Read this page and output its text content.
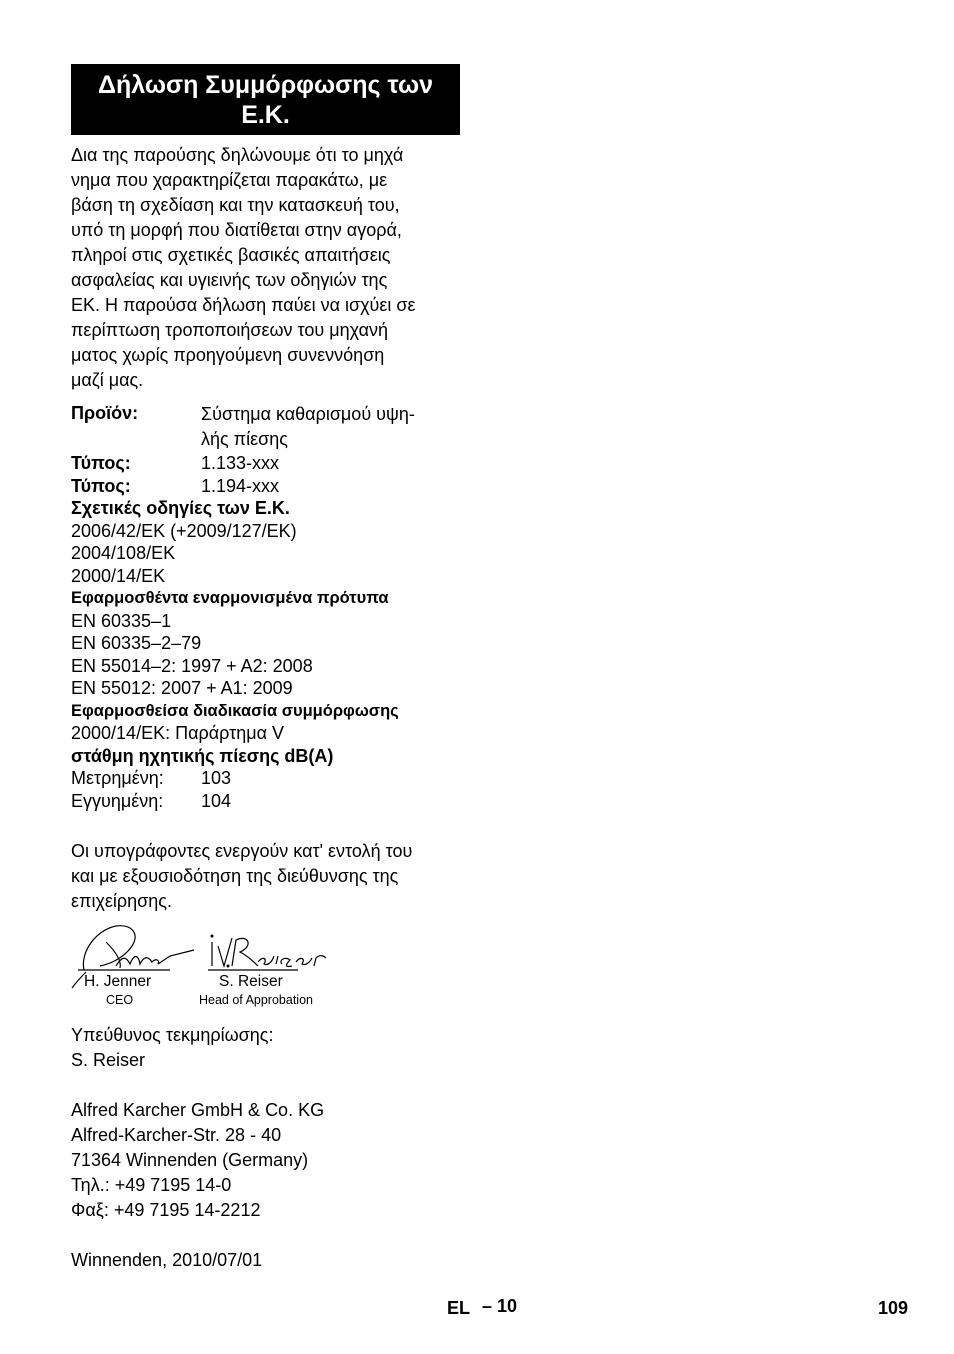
Δήλωση Συμμόρφωσης των
Ε.Κ.
Δια της παρούσης δηλώνουμε ότι το μηχά
νημα που χαρακτηρίζεται παρακάτω, με
βάση τη σχεδίαση και την κατασκευή του,
υπό τη μορφή που διατίθεται στην αγορά,
πληροί στις σχετικές βασικές απαιτήσεις
ασφαλείας και υγιεινής των οδηγιών της
ΕΚ. Η παρούσα δήλωση παύει να ισχύει σε
περίπτωση τροποποιήσεων του μηχανή
ματος χωρίς προηγούμενη συνεννόηση
μαζί μας.
Προϊόν:	Σύστημα καθαρισμού υψη-
λής πίεσης
Τύπος:	1.133-xxx
Τύπος:	1.194-xxx
Σχετικές οδηγίες των Ε.Κ.
2006/42/EK (+2009/127/EK)
2004/108/ΕΚ
2000/14/ΕΚ
Εφαρμοσθέντα εναρμονισμένα πρότυπα
EN 60335–1
EN 60335–2–79
EN 55014–2: 1997 + A2: 2008
EN 55012: 2007 + A1: 2009
Εφαρμοσθείσα διαδικασία συμμόρφωσης
2000/14/EK: Παράρτημα V
στάθμη ηχητικής πίεσης dB(A)
Μετρημένη:	103
Εγγυημένη:	104
Οι υπογράφοντες ενεργούν κατ' εντολή του
και με εξουσιοδότηση της διεύθυνσης της
επιχείρησης.
H. Jenner
CEO
S. Reiser
Head of Approbation
Υπεύθυνος τεκμηρίωσης:
S. Reiser
Alfred Karcher GmbH & Co. KG
Alfred-Karcher-Str. 28 - 40
71364 Winnenden (Germany)
Τηλ.: +49 7195 14-0
Φαξ: +49 7195 14-2212
Winnenden, 2010/07/01
EL – 10	109
